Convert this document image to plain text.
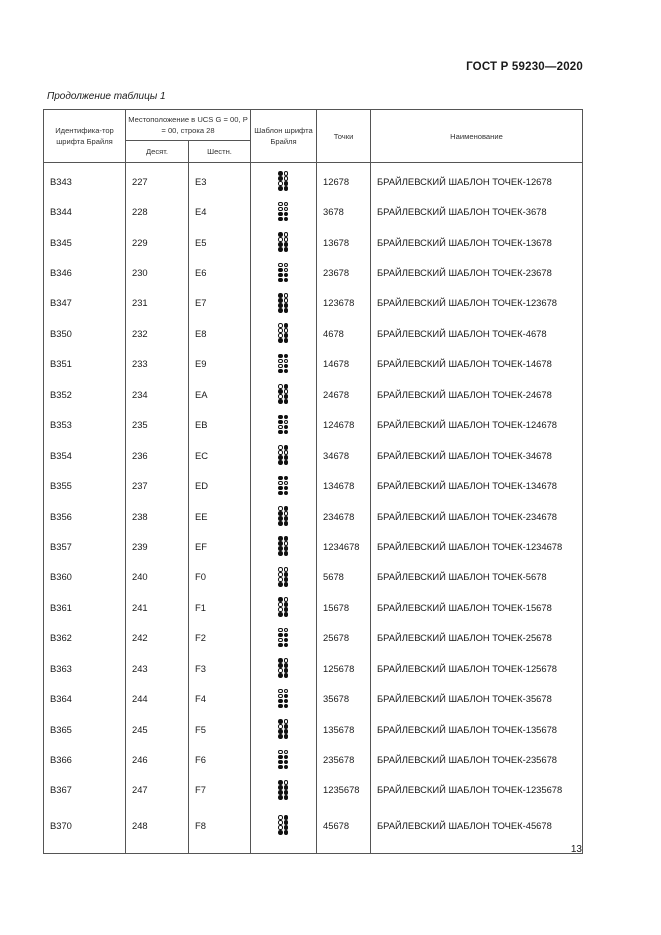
ГОСТ Р 59230—2020
Продолжение таблицы 1
Идентифика-тор шрифта Брайля	Местоположение в UCS G = 00, P = 00, строка 28		Шаблон шрифта Брайля	Точки	Наименование
	Десят.	Шестн.			
B343	227	E3		12678	БРАЙЛЕВСКИЙ ШАБЛОН ТОЧЕК-12678
B344	228	E4		3678	БРАЙЛЕВСКИЙ ШАБЛОН ТОЧЕК-3678
B345	229	E5		13678	БРАЙЛЕВСКИЙ ШАБЛОН ТОЧЕК-13678
B346	230	E6		23678	БРАЙЛЕВСКИЙ ШАБЛОН ТОЧЕК-23678
B347	231	E7		123678	БРАЙЛЕВСКИЙ ШАБЛОН ТОЧЕК-123678
B350	232	E8		4678	БРАЙЛЕВСКИЙ ШАБЛОН ТОЧЕК-4678
B351	233	E9		14678	БРАЙЛЕВСКИЙ ШАБЛОН ТОЧЕК-14678
B352	234	EA		24678	БРАЙЛЕВСКИЙ ШАБЛОН ТОЧЕК-24678
B353	235	EB		124678	БРАЙЛЕВСКИЙ ШАБЛОН ТОЧЕК-124678
B354	236	EC		34678	БРАЙЛЕВСКИЙ ШАБЛОН ТОЧЕК-34678
B355	237	ED		134678	БРАЙЛЕВСКИЙ ШАБЛОН ТОЧЕК-134678
B356	238	EE		234678	БРАЙЛЕВСКИЙ ШАБЛОН ТОЧЕК-234678
B357	239	EF		1234678	БРАЙЛЕВСКИЙ ШАБЛОН ТОЧЕК-1234678
B360	240	F0		5678	БРАЙЛЕВСКИЙ ШАБЛОН ТОЧЕК-5678
B361	241	F1		15678	БРАЙЛЕВСКИЙ ШАБЛОН ТОЧЕК-15678
B362	242	F2		25678	БРАЙЛЕВСКИЙ ШАБЛОН ТОЧЕК-25678
B363	243	F3		125678	БРАЙЛЕВСКИЙ ШАБЛОН ТОЧЕК-125678
B364	244	F4		35678	БРАЙЛЕВСКИЙ ШАБЛОН ТОЧЕК-35678
B365	245	F5		135678	БРАЙЛЕВСКИЙ ШАБЛОН ТОЧЕК-135678
B366	246	F6		235678	БРАЙЛЕВСКИЙ ШАБЛОН ТОЧЕК-235678
B367	247	F7		1235678	БРАЙЛЕВСКИЙ ШАБЛОН ТОЧЕК-1235678
B370	248	F8		45678	БРАЙЛЕВСКИЙ ШАБЛОН ТОЧЕК-45678
13
